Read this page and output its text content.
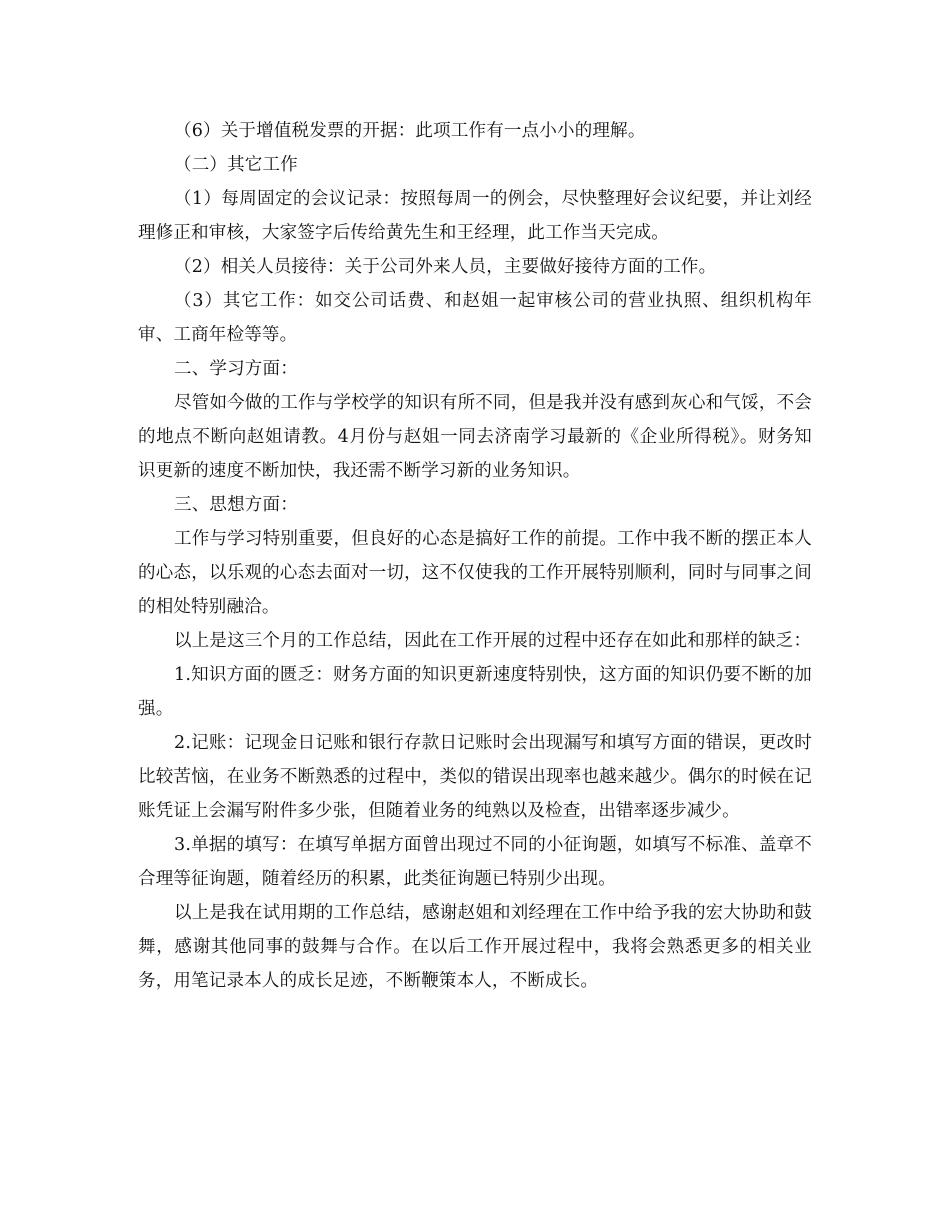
（6）关于增值税发票的开据：此项工作有一点小小的理解。

（二）其它工作

（1）每周固定的会议记录：按照每周一的例会，尽快整理好会议纪要，并让刘经理修正和审核，大家签字后传给黄先生和王经理，此工作当天完成。

（2）相关人员接待：关于公司外来人员，主要做好接待方面的工作。

（3）其它工作：如交公司话费、和赵姐一起审核公司的营业执照、组织机构年审、工商年检等等。

二、学习方面：

尽管如今做的工作与学校学的知识有所不同，但是我并没有感到灰心和气馁，不会的地点不断向赵姐请教。4月份与赵姐一同去济南学习最新的《企业所得税》。财务知识更新的速度不断加快，我还需不断学习新的业务知识。

三、思想方面：

工作与学习特别重要，但良好的心态是搞好工作的前提。工作中我不断的摆正本人的心态，以乐观的心态去面对一切，这不仅使我的工作开展特别顺利，同时与同事之间的相处特别融洽。

以上是这三个月的工作总结，因此在工作开展的过程中还存在如此和那样的缺乏：

1.知识方面的匮乏：财务方面的知识更新速度特别快，这方面的知识仍要不断的加强。

2.记账：记现金日记账和银行存款日记账时会出现漏写和填写方面的错误，更改时比较苦恼，在业务不断熟悉的过程中，类似的错误出现率也越来越少。偶尔的时候在记账凭证上会漏写附件多少张，但随着业务的纯熟以及检查，出错率逐步减少。

3.单据的填写：在填写单据方面曾出现过不同的小征询题，如填写不标准、盖章不合理等征询题，随着经历的积累，此类征询题已特别少出现。

以上是我在试用期的工作总结，感谢赵姐和刘经理在工作中给予我的宏大协助和鼓舞，感谢其他同事的鼓舞与合作。在以后工作开展过程中，我将会熟悉更多的相关业务，用笔记录本人的成长足迹，不断鞭策本人，不断成长。
